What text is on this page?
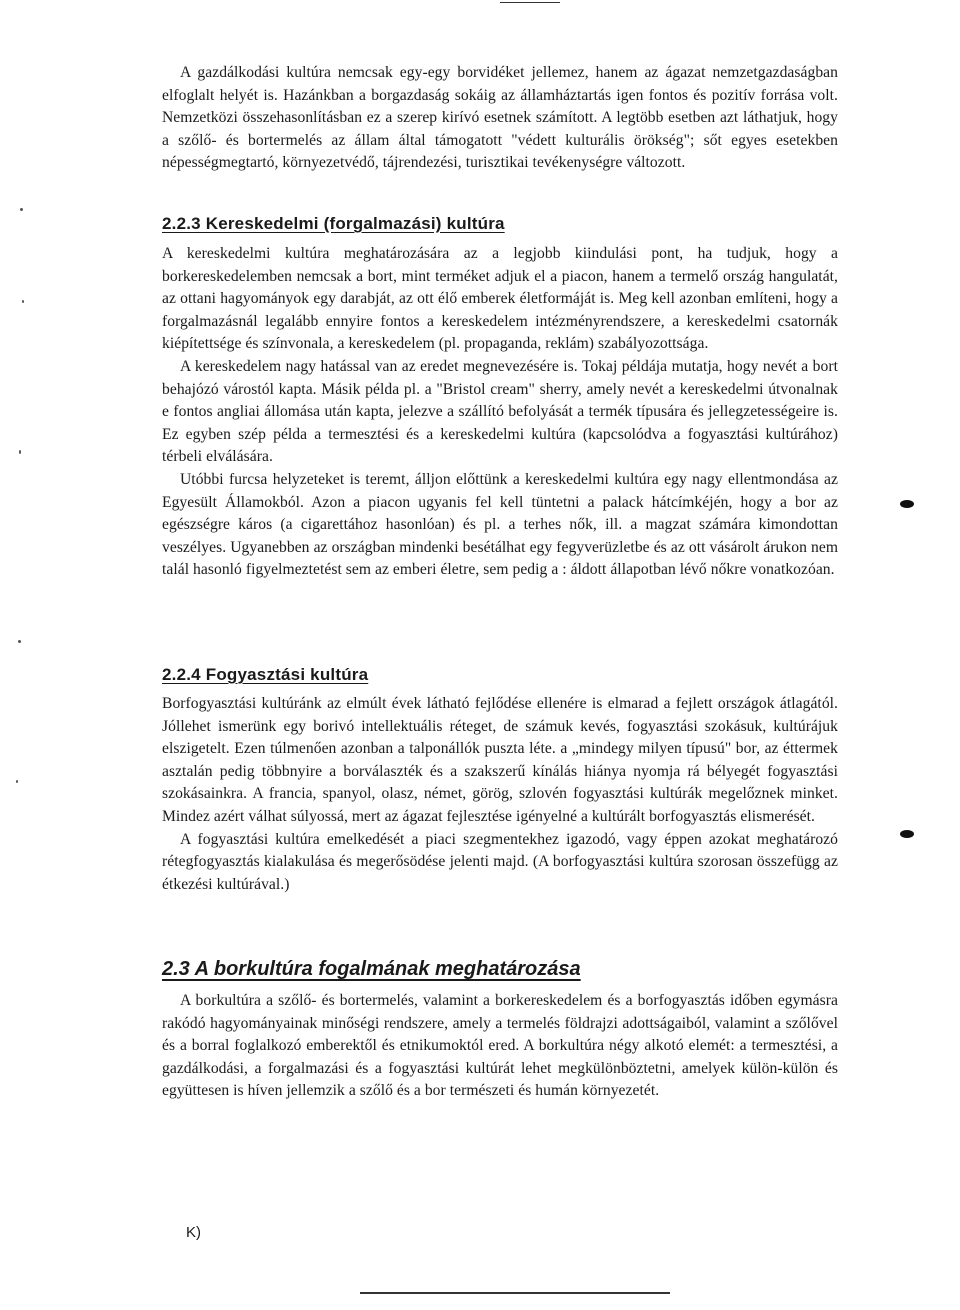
A gazdálkodási kultúra nemcsak egy-egy borvidéket jellemez, hanem az ágazat nemzetgazdaságban elfoglalt helyét is. Hazánkban a borgazdaság sokáig az államháztartás igen fontos és pozitív forrása volt. Nemzetközi összehasonlításban ez a szerep kirívó esetnek számított. A legtöbb esetben azt láthatjuk, hogy a szőlő- és bortermelés az állam által támogatott "védett kulturális örökség"; sőt egyes esetekben népességmegtartó, környezetvédő, tájrendezési, turisztikai tevékenységre változott.

2.2.3 Kereskedelmi (forgalmazási) kultúra

A kereskedelmi kultúra meghatározására az a legjobb kiindulási pont, ha tudjuk, hogy a borkereskedelemben nemcsak a bort, mint terméket adjuk el a piacon, hanem a termelő ország hangulatát, az ottani hagyományok egy darabját, az ott élő emberek életformáját is. Meg kell azonban említeni, hogy a forgalmazásnál legalább ennyire fontos a kereskedelem intézményrendszere, a kereskedelmi csatornák kiépítettsége és színvonala, a kereskedelem (pl. propaganda, reklám) szabályozottsága.

A kereskedelem nagy hatással van az eredet megnevezésére is. Tokaj példája mutatja, hogy nevét a bort behajózó várostól kapta. Másik példa pl. a "Bristol cream" sherry, amely nevét a kereskedelmi útvonalnak e fontos angliai állomása után kapta, jelezve a szállító befolyását a termék típusára és jellegzetességeire is. Ez egyben szép példa a termesztési és a kereskedelmi kultúra (kapcsolódva a fogyasztási kultúrához) térbeli elválására.

Utóbbi furcsa helyzeteket is teremt, álljon előttünk a kereskedelmi kultúra egy nagy ellentmondása az Egyesült Államokból. Azon a piacon ugyanis fel kell tüntetni a palack hátcímkéjén, hogy a bor az egészségre káros (a cigarettához hasonlóan) és pl. a terhes nők, ill. a magzat számára kimondottan veszélyes. Ugyanebben az országban mindenki besétálhat egy fegyverüzletbe és az ott vásárolt árukon nem talál hasonló figyelmeztetést sem az emberi életre, sem pedig a : áldott állapotban lévő nőkre vonatkozóan.

2.2.4 Fogyasztási kultúra

Borfogyasztási kultúránk az elmúlt évek látható fejlődése ellenére is elmarad a fejlett országok átlagától. Jóllehet ismerünk egy borivó intellektuális réteget, de számuk kevés, fogyasztási szokásuk, kultúrájuk elszigetelt. Ezen túlmenően azonban a talponállók puszta léte. a „mindegy milyen típusú" bor, az éttermek asztalán pedig többnyire a borválaszték és a szakszerű kínálás hiánya nyomja rá bélyegét fogyasztási szokásainkra. A francia, spanyol, olasz, német, görög, szlovén fogyasztási kultúrák megelőznek minket. Mindez azért válhat súlyossá, mert az ágazat fejlesztése igényelné a kultúrált borfogyasztás elismerését.

A fogyasztási kultúra emelkedését a piaci szegmentekhez igazodó, vagy éppen azokat meghatározó rétegfogyasztás kialakulása és megerősödése jelenti majd. (A borfogyasztási kultúra szorosan összefügg az étkezési kultúrával.)

2.3 A borkultúra fogalmának meghatározása

A borkultúra a szőlő- és bortermelés, valamint a borkereskedelem és a borfogyasztás időben egymásra rakódó hagyományainak minőségi rendszere, amely a termelés földrajzi adottságaiból, valamint a szőlővel és a borral foglalkozó emberektől és etnikumoktól ered. A borkultúra négy alkotó elemét: a termesztési, a gazdálkodási, a forgalmazási és a fogyasztási kultúrát lehet megkülönböztetni, amelyek külön-külön és együttesen is híven jellemzik a szőlő és a bor természeti és humán környezetét.

K)
